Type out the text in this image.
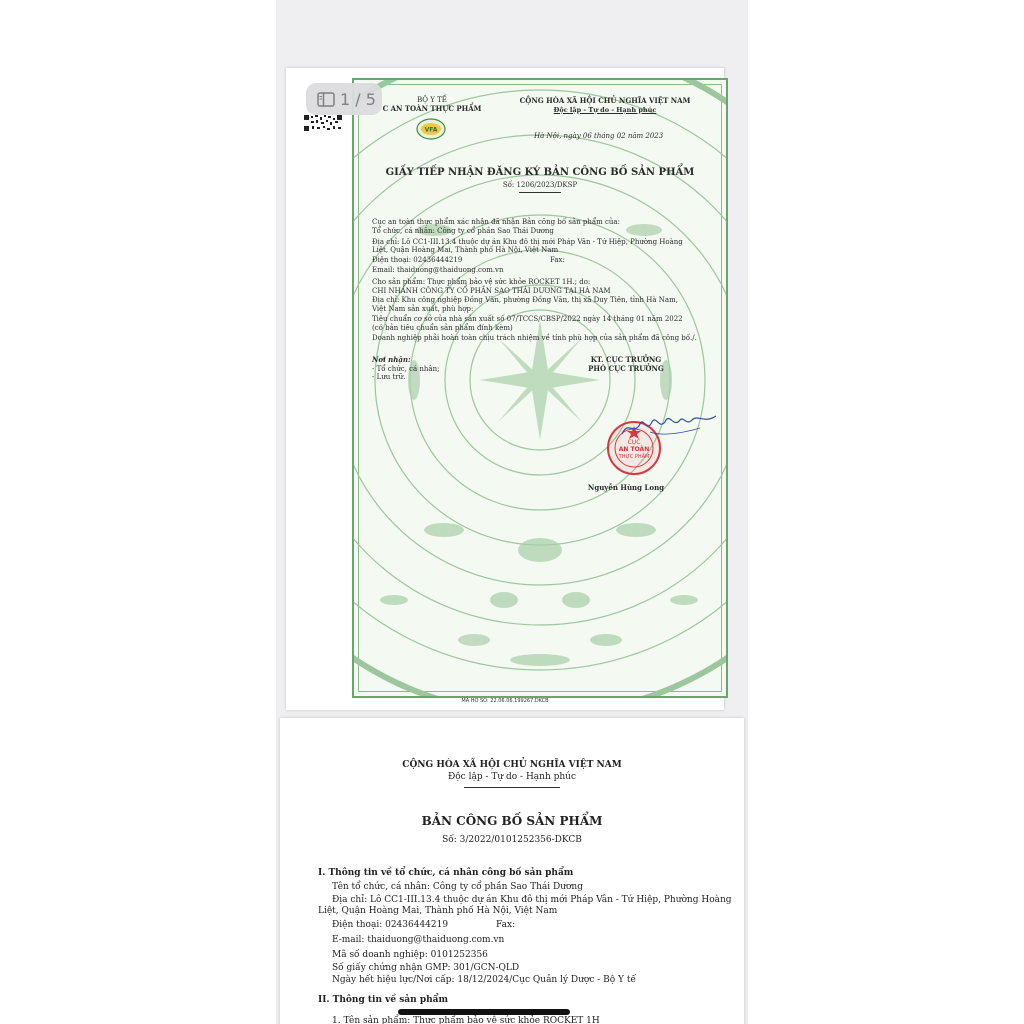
BỘ Y TẾ
C AN TOÀN THỰC PHẨM
VFA
CỘNG HÒA XÃ HỘI CHỦ NGHĨA VIỆT NAM
Độc lập - Tự do - Hạnh phúc
Hà Nội, ngày 06 tháng 02 năm 2023
GIẤY TIẾP NHẬN ĐĂNG KÝ BẢN CÔNG BỐ SẢN PHẨM
Số: 1206/2023/DKSP
Cục an toàn thực phẩm xác nhận đã nhận Bản công bố sản phẩm của:
Tổ chức, cá nhân: Công ty cổ phần Sao Thái Dương
Địa chỉ: Lô CC1-III.13.4 thuộc dự án Khu đô thị mới Pháp Vân - Tứ Hiệp, Phường Hoàng
Liệt, Quận Hoàng Mai, Thành phố Hà Nội, Việt Nam
Điện thoại: 02436444219	Fax:
Email: thaiduong@thaiduong.com.vn
Cho sản phẩm: Thực phẩm bảo vệ sức khỏe ROCKET 1H.; do:
CHI NHÁNH CÔNG TY CỔ PHẦN SAO THÁI DƯƠNG TẠI HÀ NAM
Địa chỉ: Khu công nghiệp Đồng Văn, phường Đồng Văn, thị xã Duy Tiên, tỉnh Hà Nam,
Việt Nam sản xuất, phù hợp:
Tiêu chuẩn cơ sở của nhà sản xuất số 07/TCCS/CBSP/2022 ngày 14 tháng 01 năm 2022
(có bản tiêu chuẩn sản phẩm đính kèm)
Doanh nghiệp phải hoàn toàn chịu trách nhiệm về tính phù hợp của sản phẩm đã công bố./.
Nơi nhận:
- Tổ chức, cá nhân;
- Lưu trữ.
KT. CỤC TRƯỞNG
PHÓ CỤC TRƯỞNG
CỤC
AN TOÀN
THỰC PHẨM
Nguyễn Hùng Long
1 / 5
MA HO SO: 22.06.06.199267.DKCB
CỘNG HÒA XÃ HỘI CHỦ NGHĨA VIỆT NAM
Độc lập - Tự do - Hạnh phúc
BẢN CÔNG BỐ SẢN PHẨM
Số: 3/2022/0101252356-DKCB
I. Thông tin về tổ chức, cá nhân công bố sản phẩm
Tên tổ chức, cá nhân: Công ty cổ phần Sao Thái Dương
Địa chỉ: Lô CC1-III.13.4 thuộc dự án Khu đô thị mới Pháp Vân - Tứ Hiệp, Phường Hoàng
Liệt, Quận Hoàng Mai, Thành phố Hà Nội, Việt Nam
Điện thoại: 02436444219	Fax:
E-mail: thaiduong@thaiduong.com.vn
Mã số doanh nghiệp: 0101252356
Số giấy chứng nhận GMP: 301/GCN-QLD
Ngày hết hiệu lực/Nơi cấp: 18/12/2024/Cục Quản lý Dược - Bộ Y tế
II. Thông tin về sản phẩm
1. Tên sản phẩm: Thực phẩm bảo vệ sức khỏe ROCKET 1H
